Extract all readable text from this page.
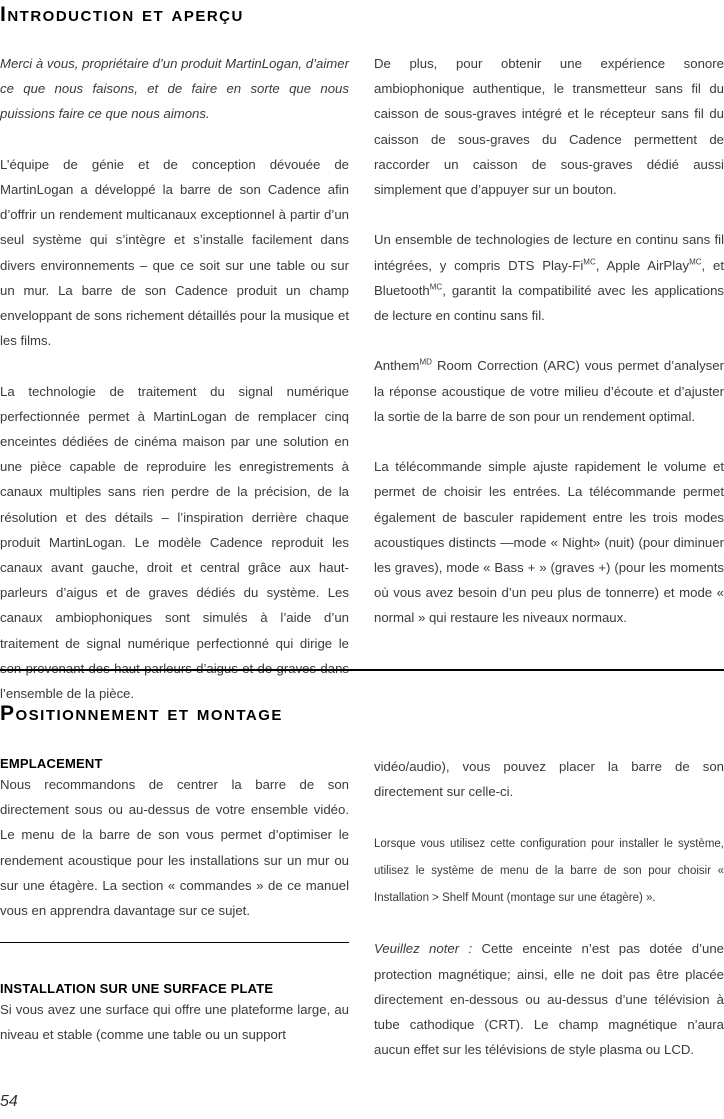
Introduction et aperçu

Merci à vous, propriétaire d’un produit MartinLogan, d’aimer ce que nous faisons, et de faire en sorte que nous puissions faire ce que nous aimons.

L’équipe de génie et de conception dévouée de MartinLogan a développé la barre de son Cadence afin d’offrir un rendement multicanaux exceptionnel à partir d’un seul système qui s’intègre et s’installe facilement dans divers environnements – que ce soit sur une table ou sur un mur. La barre de son Cadence produit un champ enveloppant de sons richement détaillés pour la musique et les films.

La technologie de traitement du signal numérique perfectionnée permet à MartinLogan de remplacer cinq enceintes dédiées de cinéma maison par une solution en une pièce capable de reproduire les enregistrements à canaux multiples sans rien perdre de la précision, de la résolution et des détails – l’inspiration derrière chaque produit MartinLogan. Le modèle Cadence reproduit les canaux avant gauche, droit et central grâce aux haut-parleurs d’aigus et de graves dédiés du système. Les canaux ambiophoniques sont simulés à l’aide d’un traitement de signal numérique perfectionné qui dirige le son provenant des haut-parleurs d’aigus et de graves dans l’ensemble de la pièce.

De plus, pour obtenir une expérience sonore ambiophonique authentique, le transmetteur sans fil du caisson de sous-graves intégré et le récepteur sans fil du caisson de sous-graves du Cadence permettent de raccorder un caisson de sous-graves dédié aussi simplement que d’appuyer sur un bouton.

Un ensemble de technologies de lecture en continu sans fil intégrées, y compris DTS Play-$Fi^{MC}$, Apple AirPlay$^{MC}$, et Bluetooth$^{MC}$, garantit la compatibilité avec les applications de lecture en continu sans fil.

Anthem$^{MD}$ Room Correction (ARC) vous permet d’analyser la réponse acoustique de votre milieu d’écoute et d’ajuster la sortie de la barre de son pour un rendement optimal.

La télécommande simple ajuste rapidement le volume et permet de choisir les entrées. La télécommande permet également de basculer rapidement entre les trois modes acoustiques distincts —mode « Night» (nuit) (pour diminuer les graves), mode « Bass + » (graves +) (pour les moments où vous avez besoin d’un peu plus de tonnerre) et mode « normal » qui restaure les niveaux normaux.

Positionnement et montage
EMPLACEMENT

Nous recommandons de centrer la barre de son directement sous ou au-dessus de votre ensemble vidéo. Le menu de la barre de son vous permet d’optimiser le rendement acoustique pour les installations sur un mur ou sur une étagère. La section « commandes » de ce manuel vous en apprendra davantage sur ce sujet.

INSTALLATION SUR UNE SURFACE PLATE

Si vous avez une surface qui offre une plateforme large, au niveau et stable (comme une table ou un support

vidéo/audio), vous pouvez placer la barre de son directement sur celle-ci.

Lorsque vous utilisez cette configuration pour installer le système, utilisez le système de menu de la barre de son pour choisir « Installation > Shelf Mount (montage sur une étagère) ».

Veuillez noter : Cette enceinte n’est pas dotée d’une protection magnétique; ainsi, elle ne doit pas être placée directement en-dessous ou au-dessus d’une télévision à tube cathodique (CRT). Le champ magnétique n’aura aucun effet sur les télévisions de style plasma ou LCD.

54
